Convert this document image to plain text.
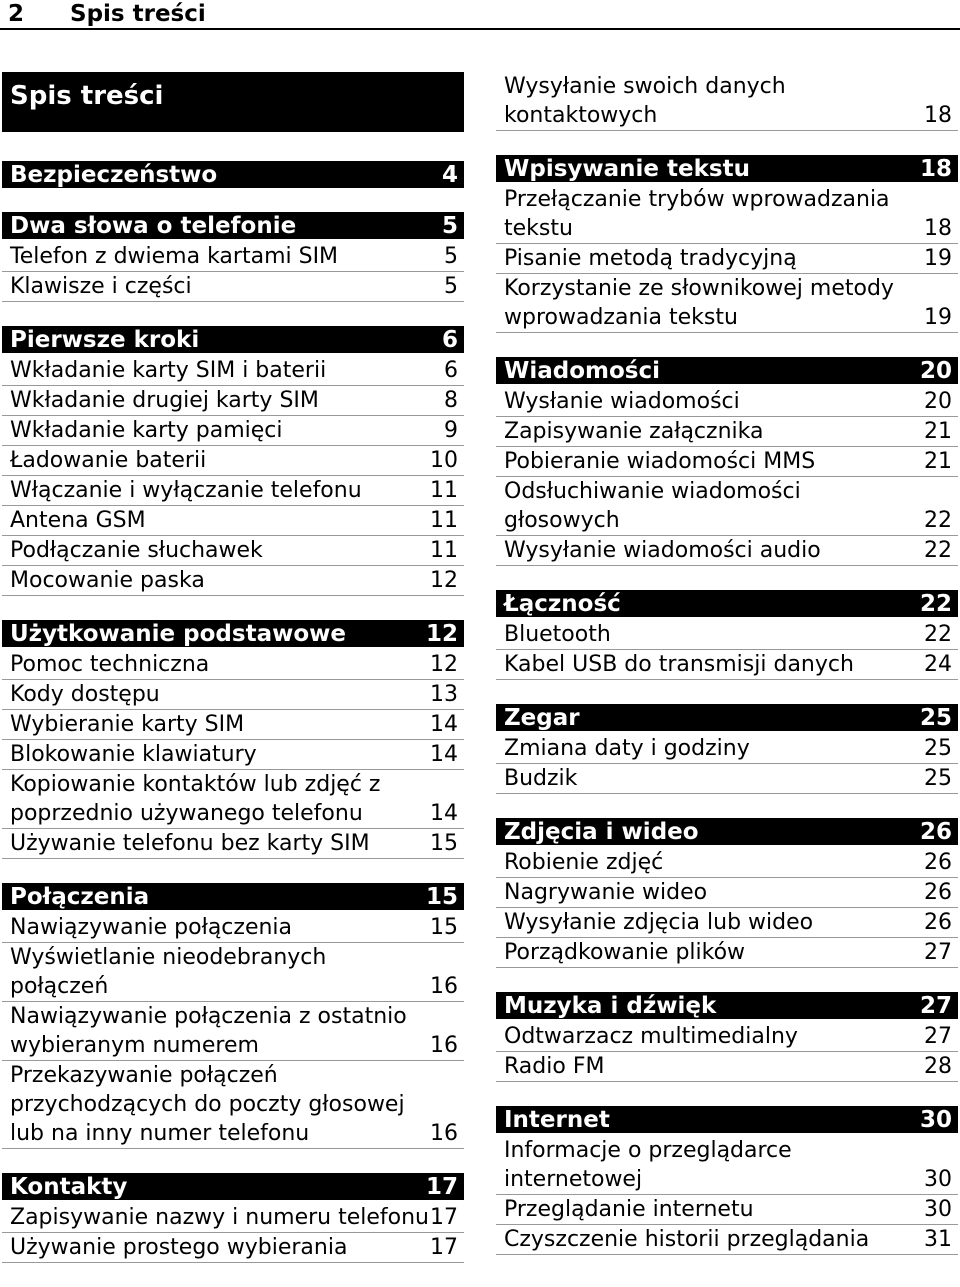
2 Spis treści
Spis treści
Bezpieczeństwo	4
Dwa słowa o telefonie	5
Telefon z dwiema kartami SIM	5
Klawisze i części	5
Pierwsze kroki	6
Wkładanie karty SIM i baterii	6
Wkładanie drugiej karty SIM	8
Wkładanie karty pamięci	9
Ładowanie baterii	10
Włączanie i wyłączanie telefonu	11
Antena GSM	11
Podłączanie słuchawek	11
Mocowanie paska	12
Użytkowanie podstawowe	12
Pomoc techniczna	12
Kody dostępu	13
Wybieranie karty SIM	14
Blokowanie klawiatury	14
Kopiowanie kontaktów lub zdjęć z
poprzednio używanego telefonu	14
Używanie telefonu bez karty SIM	15
Połączenia	15
Nawiązywanie połączenia	15
Wyświetlanie nieodebranych
połączeń	16
Nawiązywanie połączenia z ostatnio
wybieranym numerem	16
Przekazywanie połączeń
przychodzących do poczty głosowej
lub na inny numer telefonu	16
Kontakty	17
Zapisywanie nazwy i numeru telefonu 17
Używanie prostego wybierania	17
Wysyłanie swoich danych
kontaktowych	18
Wpisywanie tekstu	18
Przełączanie trybów wprowadzania
tekstu	18
Pisanie metodą tradycyjną	19
Korzystanie ze słownikowej metody
wprowadzania tekstu	19
Wiadomości	20
Wysłanie wiadomości	20
Zapisywanie załącznika	21
Pobieranie wiadomości MMS	21
Odsłuchiwanie wiadomości
głosowych	22
Wysyłanie wiadomości audio	22
Łączność	22
Bluetooth	22
Kabel USB do transmisji danych	24
Zegar	25
Zmiana daty i godziny	25
Budzik	25
Zdjęcia i wideo	26
Robienie zdjęć	26
Nagrywanie wideo	26
Wysyłanie zdjęcia lub wideo	26
Porządkowanie plików	27
Muzyka i dźwięk	27
Odtwarzacz multimedialny	27
Radio FM	28
Internet	30
Informacje o przeglądarce
internetowej	30
Przeglądanie internetu	30
Czyszczenie historii przeglądania 31
